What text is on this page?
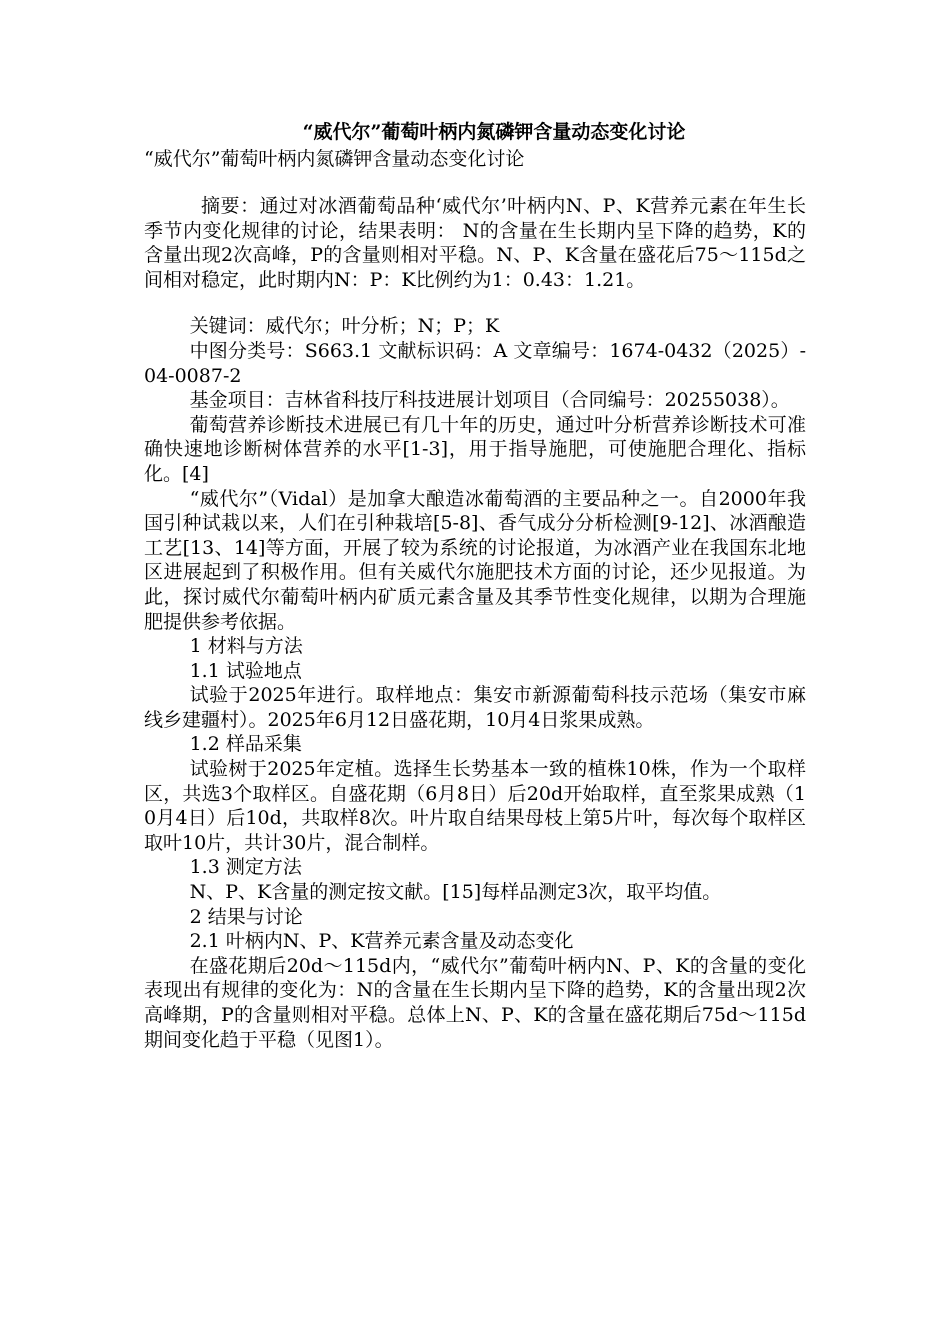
“威代尔”葡萄叶柄内氮磷钾含量动态变化讨论
“威代尔”葡萄叶柄内氮磷钾含量动态变化讨论

摘要：通过对冰酒葡萄品种‘威代尔’叶柄内N、P、K营养元素在年生长季节内变化规律的讨论，结果表明： N的含量在生长期内呈下降的趋势，K的含量出现2次高峰，P的含量则相对平稳。N、P、K含量在盛花后75～115d之间相对稳定，此时期内N：P：K比例约为1：0.43：1.21。

关键词：威代尔；叶分析；N；P；K

中图分类号：S663.1 文献标识码：A 文章编号：1674-0432（2025）-04-0087-2

基金项目：吉林省科技厅科技进展计划项目（合同编号：20255038）。

葡萄营养诊断技术进展已有几十年的历史，通过叶分析营养诊断技术可准确快速地诊断树体营养的水平[1-3]，用于指导施肥，可使施肥合理化、指标化。[4]

“威代尔”（Vidal）是加拿大酿造冰葡萄酒的主要品种之一。自2000年我国引种试栽以来，人们在引种栽培[5-8]、香气成分分析检测[9-12]、冰酒酿造工艺[13、14]等方面，开展了较为系统的讨论报道，为冰酒产业在我国东北地区进展起到了积极作用。但有关威代尔施肥技术方面的讨论，还少见报道。为此，探讨威代尔葡萄叶柄内矿质元素含量及其季节性变化规律，以期为合理施肥提供参考依据。

1 材料与方法

1.1 试验地点

试验于2025年进行。取样地点：集安市新源葡萄科技示范场（集安市麻线乡建疆村）。2025年6月12日盛花期，10月4日浆果成熟。

1.2 样品采集

试验树于2025年定植。选择生长势基本一致的植株10株，作为一个取样区，共选3个取样区。自盛花期（6月8日）后20d开始取样，直至浆果成熟（10月4日）后10d，共取样8次。叶片取自结果母枝上第5片叶，每次每个取样区取叶10片，共计30片，混合制样。

1.3 测定方法

N、P、K含量的测定按文献。[15]每样品测定3次，取平均值。

2 结果与讨论

2.1 叶柄内N、P、K营养元素含量及动态变化

在盛花期后20d～115d内，“威代尔”葡萄叶柄内N、P、K的含量的变化表现出有规律的变化为：N的含量在生长期内呈下降的趋势，K的含量出现2次高峰期，P的含量则相对平稳。总体上N、P、K的含量在盛花期后75d～115d期间变化趋于平稳（见图1）。
